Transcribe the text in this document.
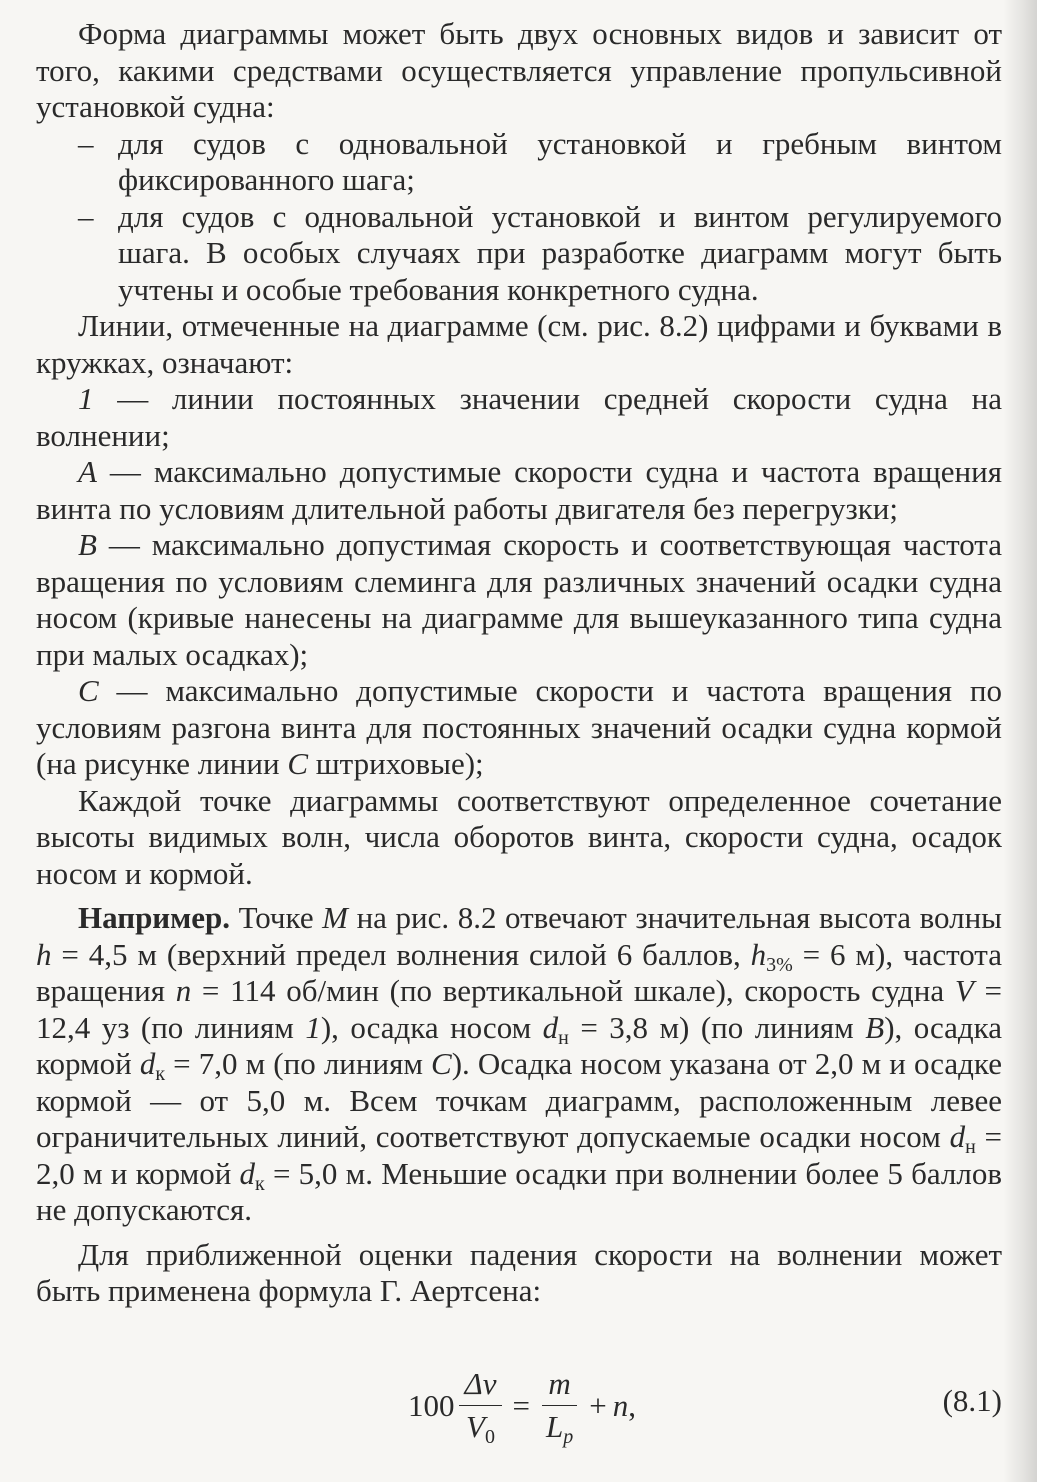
Форма диаграммы может быть двух основных видов и зависит от того, какими средствами осуществляется управление пропульсивной установкой судна:

– для судов с одновальной установкой и гребным винтом фиксированного шага;

– для судов с одновальной установкой и винтом регулируемого шага. В особых случаях при разработке диаграмм могут быть учтены и особые требования конкретного судна.

Линии, отмеченные на диаграмме (см. рис. 8.2) цифрами и буквами в кружках, означают:

1 — линии постоянных значении средней скорости судна на волнении;

A — максимально допустимые скорости судна и частота вращения винта по условиям длительной работы двигателя без перегрузки;

B — максимально допустимая скорость и соответствующая частота вращения по условиям слеминга для различных значений осадки судна носом (кривые нанесены на диаграмме для вышеуказанного типа судна при малых осадках);

C — максимально допустимые скорости и частота вращения по условиям разгона винта для постоянных значений осадки судна кормой (на рисунке линии C штриховые);

Каждой точке диаграммы соответствуют определенное сочетание высоты видимых волн, числа оборотов винта, скорости судна, осадок носом и кормой.

Например. Точке M на рис. 8.2 отвечают значительная высота волны h = 4,5 м (верхний предел волнения силой 6 баллов, $h_{3\%} = 6$ м), частота вращения n = 114 об/мин (по вертикальной шкале), скорость судна V = 12,4 уз (по линиям 1), осадка носом $d_н = 3,8$ м) (по линиям B), осадка кормой $d_к = 7,0$ м (по линиям C). Осадка носом указана от 2,0 м и осадке кормой — от 5,0 м. Всем точкам диаграмм, расположенным левее ограничительных линий, соответствуют допускаемые осадки носом $d_н = 2,0$ м и кормой $d_к = 5,0$ м. Меньшие осадки при волнении более 5 баллов не допускаются.

Для приближенной оценки падения скорости на волнении может быть применена формула Г. Аертсена:

$100 \frac{\Delta v}{V_0} = \frac{m}{L_p} + n$ ,	(8.1)
